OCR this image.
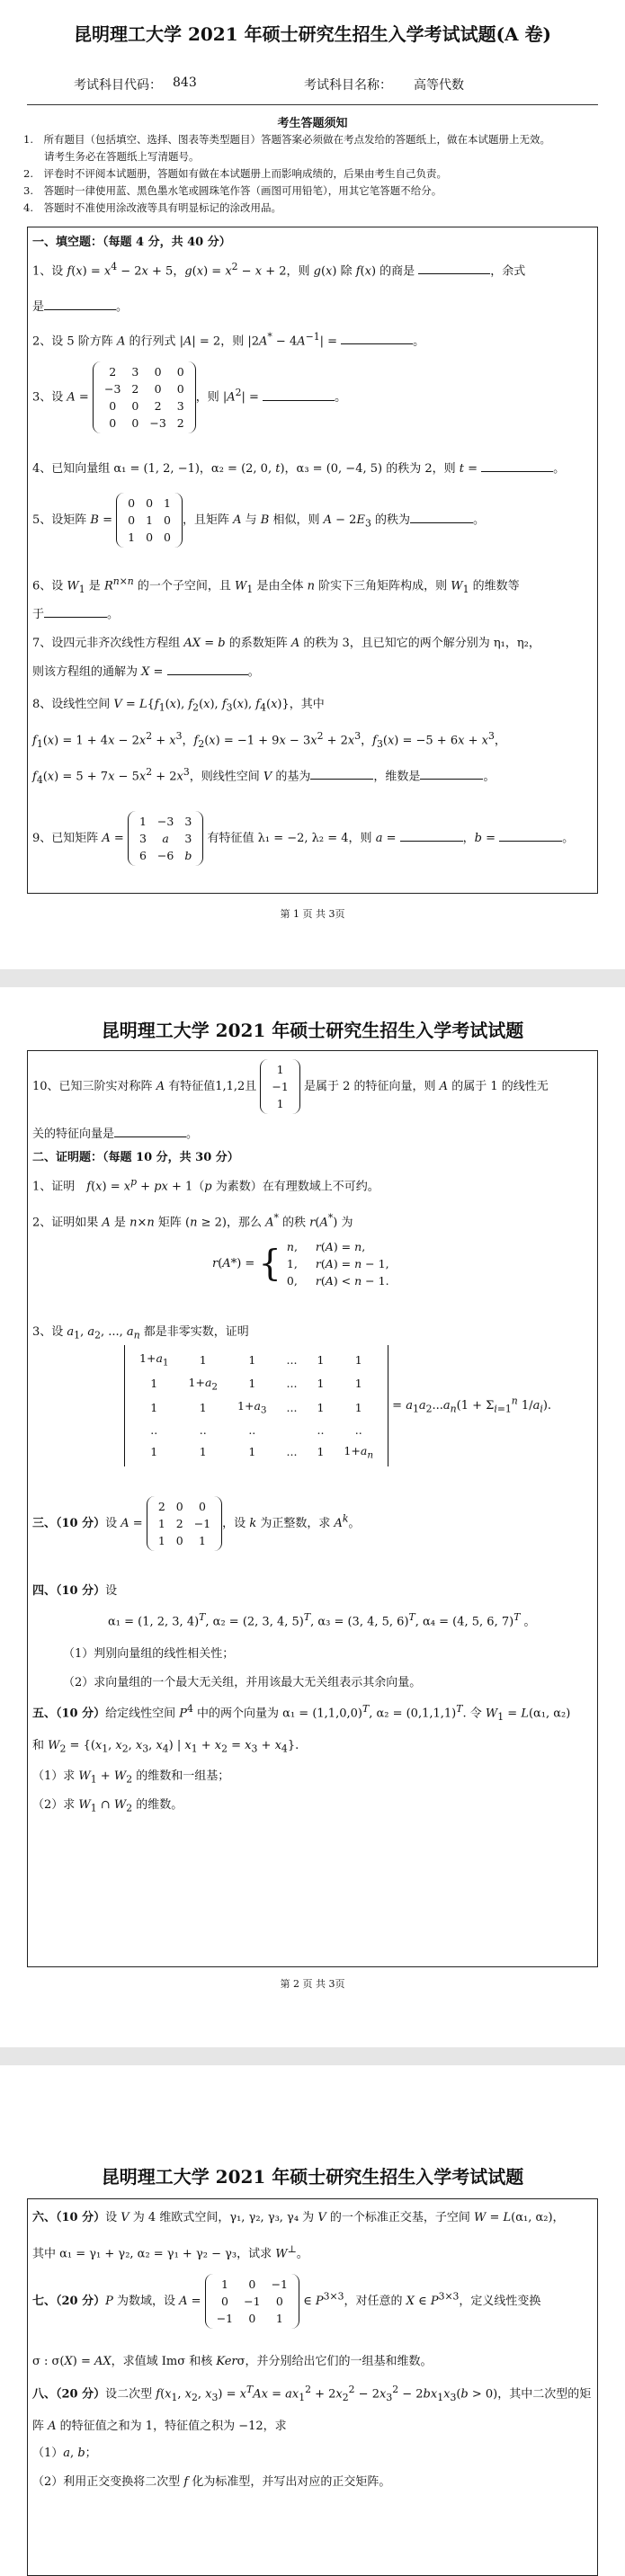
昆明理工大学 2021 年硕士研究生招生入学考试试题(A 卷)
考试科目代码： 843	考试科目名称： 高等代数
考生答题须知
1.　所有题目（包括填空、选择、图表等类型题目）答题答案必须做在考点发给的答题纸上，做在本试题册上无效。
　　请考生务必在答题纸上写清题号。
2.　评卷时不评阅本试题册，答题如有做在本试题册上而影响成绩的，后果由考生自己负责。
3.　答题时一律使用蓝、黑色墨水笔或圆珠笔作答（画图可用铅笔），用其它笔答题不给分。
4.　答题时不准使用涂改液等具有明显标记的涂改用品。
一、填空题：（每题 4 分，共 40 分）
1、设 $f(x) = x^4 - 2x + 5$，$g(x) = x^2 - x + 2$，则 g(x) 除 f(x) 的商是	，余式
是	。
2、设 5 阶方阵 A 的行列式 |A| = 2，则 $|2A^* - 4A^{-1}|$ =	。
3、设 A =
2	3	0	0
−3	2	0	0
0	0	2	3
0	0	−3	2
，则 $|A^2|$ =	。
4、已知向量组 α₁ = (1, 2, −1)，α₂ = (2, 0, t)，α₃ = (0, −4, 5) 的秩为 2，则 t =	。
5、设矩阵 B =
0	0	1
0	1	0
1	0	0
，且矩阵 A 与 B 相似，则 $A - 2E_3$ 的秩为	。
6、设 $W_1$ 是 $R^{n\times n}$ 的一个子空间，且 $W_1$ 是由全体 n 阶实下三角矩阵构成，则 $W_1$ 的维数等
于	。
7、设四元非齐次线性方程组 AX = b 的系数矩阵 A 的秩为 3，且已知它的两个解分别为 η₁，η₂，
则该方程组的通解为 X =	。
8、设线性空间 $V = L\{f_1(x)$, $f_2(x)$, $f_3(x)$, $f_4(x)$}，其中
$f_1(x) = 1 + 4x - 2x^2 + x^3$，$f_2(x) = -1 + 9x - 3x^2 + 2x^3$，$f_3(x) = -5 + 6x + x^3$，
$f_4(x) = 5 + 7x - 5x^2 + 2x^3$，则线性空间 V 的基为	，维数是	。
9、已知矩阵 A =
1	−3	3
3	a	3
6	−6	b
有特征值 λ₁ = −2, λ₂ = 4，则 a =	，b =	。
第 1 页 共 3页
昆明理工大学 2021 年硕士研究生招生入学考试试题
10、已知三阶实对称阵 A 有特征值1,1,2且
1
−1
1
是属于 2 的特征向量，则 A 的属于 1 的线性无
关的特征向量是	。
二、证明题：（每题 10 分，共 30 分）
1、证明　$f(x) = x^p$ + px + 1（p 为素数）在有理数域上不可约。
2、证明如果 A 是 n×n 矩阵 (n ≥ 2)，那么 A* 的秩 r(A*) 为
r(A*) = { n,	r(A) = n,
1,	r(A) = n − 1,
0,	r(A) < n − 1.
3、设 $a_1$, $a_2$, ..., $a_n$ 都是非零实数，证明
$1+a_1$	1	1	...	1	1
1	$1+a_2$	1	...	1	1
1	1	$1+a_3$	...	1	1
..	..	..		..	..
1	1	1	...	1	$1+a_n$
= $a_1a_2...a_n(1 + \Sigma_{i=1}^n$ $1/a_i$).
三、（10 分）设 A =
2	0	0
1	2	−1
1	0	1
，设 k 为正整数，求 $A^k$。
四、（10 分）设
α₁ = (1, 2, 3, 4)$^T$, α₂ = (2, 3, 4, 5)$^T$, α₃ = (3, 4, 5, 6)$^T$, α₄ = (4, 5, 6, 7)$^T$ 。
（1）判别向量组的线性相关性；
（2）求向量组的一个最大无关组，并用该最大无关组表示其余向量。
五、（10 分）给定线性空间 $P^4$ 中的两个向量为 $\alpha_1 = (1,1,0,0)^T$, $\alpha_2 = (0,1,1,1)^T$. 令 $W_1 = L(\alpha_1$, α₂)
和 $W_2 = \{(x_1$, $x_2$, $x_3$, $x_4$) | $x_1 + x_2 = x_3 + x_4$}.
（1）求 $W_1 + W_2$ 的维数和一组基；
（2）求 $W_1$ ∩ $W_2$ 的维数。
第 2 页 共 3页
昆明理工大学 2021 年硕士研究生招生入学考试试题
六、（10 分）设 V 为 4 维欧式空间，γ₁, γ₂, γ₃, γ₄ 为 V 的一个标准正交基，子空间 W = L(α₁, α₂)，
其中 α₁ = γ₁ + γ₂, α₂ = γ₁ + γ₂ − γ₃，试求 W⊥。
七、（20 分）P 为数域，设 A =
1	0	−1
0	−1	0
−1	0	1
∈ $P^{3\times 3}$，对任意的 X ∈ $P^{3\times 3}$，定义线性变换
σ : σ(X) = AX，求值域 Imσ 和核 Kerσ，并分别给出它们的一组基和维数。
八、（20 分）设二次型 $f(x_1$, $x_2$, $x_3) = x^TAx = ax_1^2 + 2x_2^2 - 2x_3^2 - 2bx_1x_3(b > 0)$，其中二次型的矩
阵 A 的特征值之和为 1，特征值之积为 −12，求
（1）a, b；
（2）利用正交变换将二次型 f 化为标准型，并写出对应的正交矩阵。
